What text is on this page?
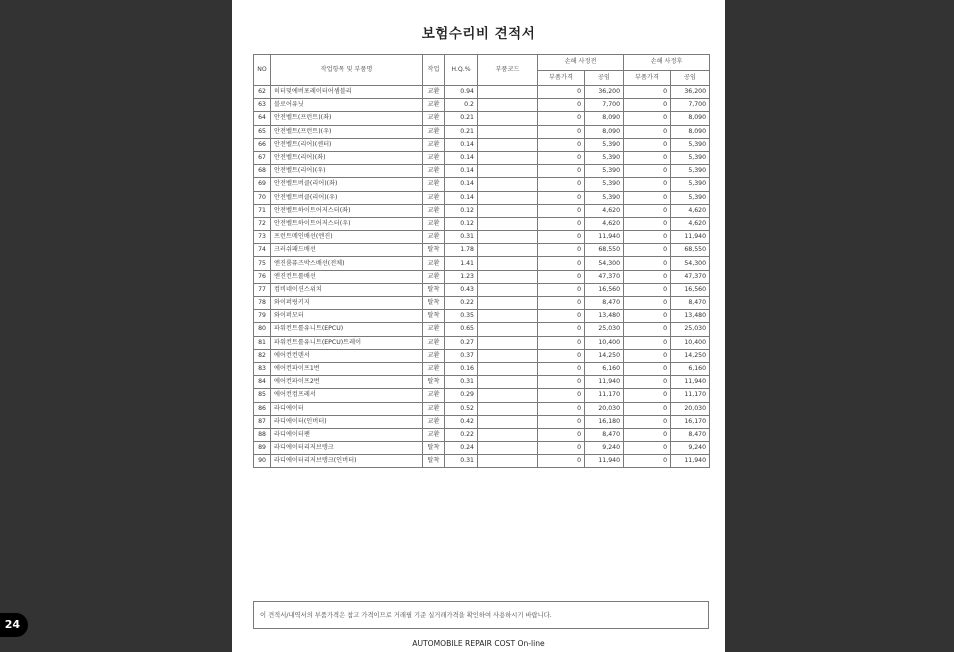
보험수리비 견적서
NO	작업항목 및 부품명	작업	H.Q.%	부품코드	손해 사정전		손해 사정후	
					부품가격	공임	부품가격	공임
62	히터및에버포레이터어셈블리	교환	0.94		0	36,200	0	36,200
63	블로어유닛	교환	0.2		0	7,700	0	7,700
64	안전벨트(프런트)(좌)	교환	0.21		0	8,090	0	8,090
65	안전벨트(프런트)(우)	교환	0.21		0	8,090	0	8,090
66	안전벨트(리어)(센터)	교환	0.14		0	5,390	0	5,390
67	안전벨트(리어)(좌)	교환	0.14		0	5,390	0	5,390
68	안전벨트(리어)(우)	교환	0.14		0	5,390	0	5,390
69	안전벨트버클(리어)(좌)	교환	0.14		0	5,390	0	5,390
70	안전벨트버클(리어)(우)	교환	0.14		0	5,390	0	5,390
71	안전벨트하이트어저스터(좌)	교환	0.12		0	4,620	0	4,620
72	안전벨트하이트어저스터(우)	교환	0.12		0	4,620	0	4,620
73	프런트메인배선(엔진)	교환	0.31		0	11,940	0	11,940
74	크러쉬패드배선	탈착	1.78		0	68,550	0	68,550
75	엔진룸퓨즈박스배선(전체)	교환	1.41		0	54,300	0	54,300
76	엔진컨트롤배선	교환	1.23		0	47,370	0	47,370
77	컴비네이션스위치	탈착	0.43		0	16,560	0	16,560
78	와이퍼링키지	탈착	0.22		0	8,470	0	8,470
79	와이퍼모터	탈착	0.35		0	13,480	0	13,480
80	파워컨트롤유니트(EPCU)	교환	0.65		0	25,030	0	25,030
81	파워컨트롤유니트(EPCU)트레이	교환	0.27		0	10,400	0	10,400
82	에어컨컨덴서	교환	0.37		0	14,250	0	14,250
83	에어컨파이프1번	교환	0.16		0	6,160	0	6,160
84	에어컨파이프2번	탈착	0.31		0	11,940	0	11,940
85	에어컨컴프레서	교환	0.29		0	11,170	0	11,170
86	라디에이터	교환	0.52		0	20,030	0	20,030
87	라디에이터(인버터)	교환	0.42		0	16,180	0	16,170
88	라디에이터팬	교환	0.22		0	8,470	0	8,470
89	라디에이터리저브탱크	탈착	0.24		0	9,240	0	9,240
90	라디에이터리저브탱크(인버터)	탈착	0.31		0	11,940	0	11,940
이 견적서/내역서의 부품가격은 참고 가격이므로 거래필 기준 실거래가격을 확인하여 사용하시기 바랍니다.
AUTOMOBILE REPAIR COST On-line
24
